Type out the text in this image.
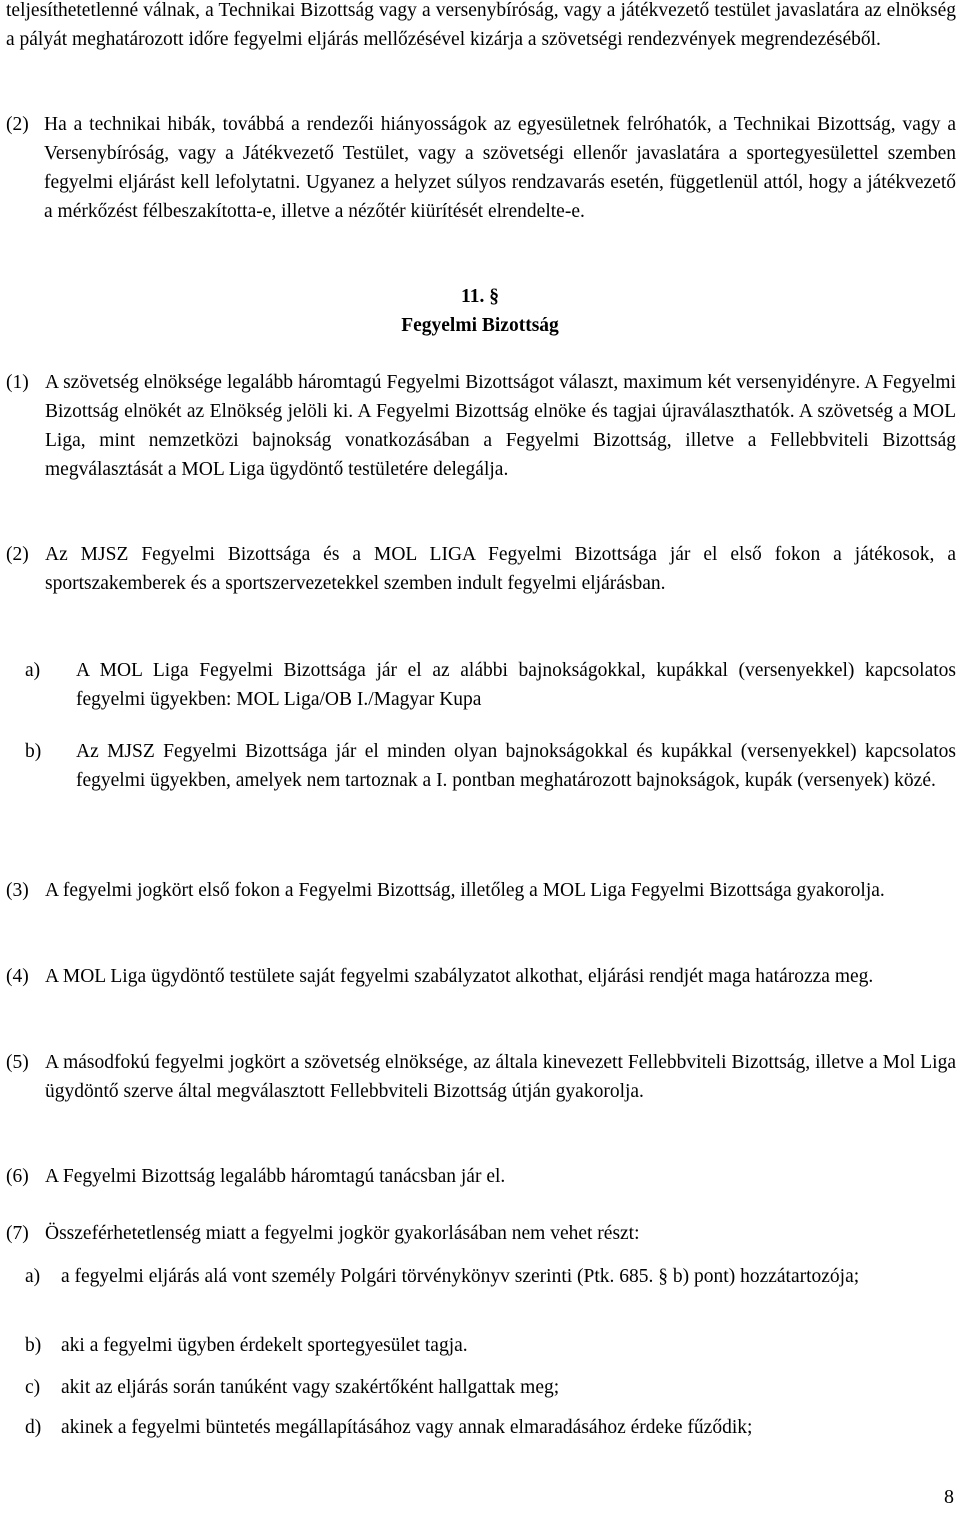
teljesíthetetlenné válnak, a Technikai Bizottság vagy a versenybíróság, vagy a játékvezető testület javaslatára az elnökség a pályát meghatározott időre fegyelmi eljárás mellőzésével kizárja a szövetségi rendezvények megrendezéséből.

(2) Ha a technikai hibák, továbbá a rendezői hiányosságok az egyesületnek felróhatók, a Technikai Bizottság, vagy a Versenybíróság, vagy a Játékvezető Testület, vagy a szövetségi ellenőr javaslatára a sportegyesülettel szemben fegyelmi eljárást kell lefolytatni. Ugyanez a helyzet súlyos rendzavarás esetén, függetlenül attól, hogy a játékvezető a mérkőzést félbeszakította-e, illetve a nézőtér kiürítését elrendelte-e.

11. §

Fegyelmi Bizottság

(1) A szövetség elnöksége legalább háromtagú Fegyelmi Bizottságot választ, maximum két versenyidényre. A Fegyelmi Bizottság elnökét az Elnökség jelöli ki. A Fegyelmi Bizottság elnöke és tagjai újraválaszthatók. A szövetség a MOL Liga, mint nemzetközi bajnokság vonatkozásában a Fegyelmi Bizottság, illetve a Fellebbviteli Bizottság megválasztását a MOL Liga ügydöntő testületére delegálja.
(2) Az MJSZ Fegyelmi Bizottsága és a MOL LIGA Fegyelmi Bizottsága jár el első fokon a játékosok, a sportszakemberek és a sportszervezetekkel szemben indult fegyelmi eljárásban.
a) A MOL Liga Fegyelmi Bizottsága jár el az alábbi bajnokságokkal, kupákkal (versenyekkel) kapcsolatos fegyelmi ügyekben: MOL Liga/OB I./Magyar Kupa
b) Az MJSZ Fegyelmi Bizottsága jár el minden olyan bajnokságokkal és kupákkal (versenyekkel) kapcsolatos fegyelmi ügyekben, amelyek nem tartoznak a I. pontban meghatározott bajnokságok, kupák (versenyek) közé.
(3) A fegyelmi jogkört első fokon a Fegyelmi Bizottság, illetőleg a MOL Liga Fegyelmi Bizottsága gyakorolja.
(4) A MOL Liga ügydöntő testülete saját fegyelmi szabályzatot alkothat, eljárási rendjét maga határozza meg.
(5) A másodfokú fegyelmi jogkört a szövetség elnöksége, az általa kinevezett Fellebbviteli Bizottság, illetve a Mol Liga ügydöntő szerve által megválasztott Fellebbviteli Bizottság útján gyakorolja.
(6) A Fegyelmi Bizottság legalább háromtagú tanácsban jár el.
(7) Összeférhetetlenség miatt a fegyelmi jogkör gyakorlásában nem vehet részt:
a) a fegyelmi eljárás alá vont személy Polgári törvénykönyv szerinti (Ptk. 685. § b) pont) hozzátartozója;
b) aki a fegyelmi ügyben érdekelt sportegyesület tagja.
c) akit az eljárás során tanúként vagy szakértőként hallgattak meg;
d) akinek a fegyelmi büntetés megállapításához vagy annak elmaradásához érdeke fűződik;
8
